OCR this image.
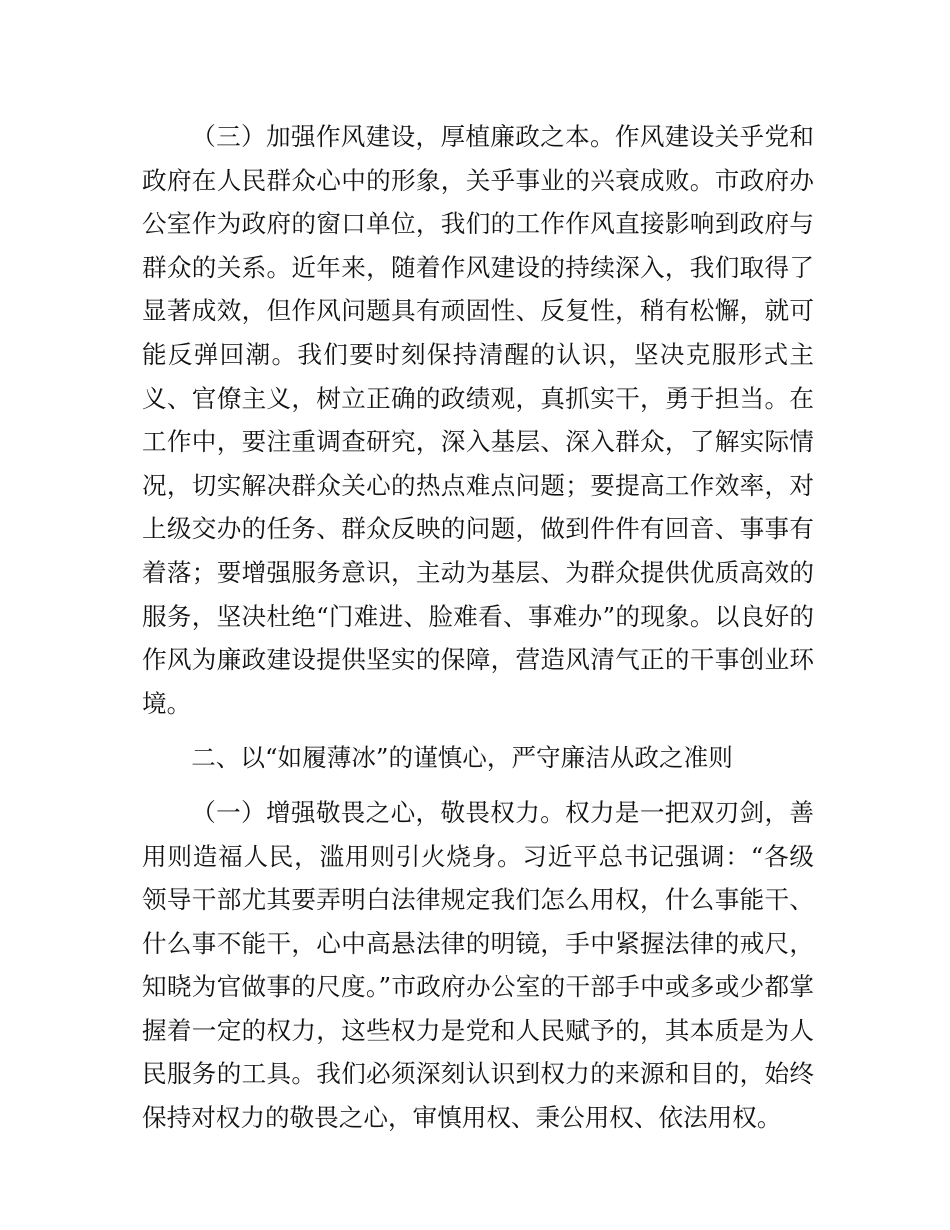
（三）加强作风建设，厚植廉政之本。作风建设关乎党和政府在人民群众心中的形象，关乎事业的兴衰成败。市政府办公室作为政府的窗口单位，我们的工作作风直接影响到政府与群众的关系。近年来，随着作风建设的持续深入，我们取得了显著成效，但作风问题具有顽固性、反复性，稍有松懈，就可能反弹回潮。我们要时刻保持清醒的认识，坚决克服形式主义、官僚主义，树立正确的政绩观，真抓实干，勇于担当。在工作中，要注重调查研究，深入基层、深入群众，了解实际情况，切实解决群众关心的热点难点问题；要提高工作效率，对上级交办的任务、群众反映的问题，做到件件有回音、事事有着落；要增强服务意识，主动为基层、为群众提供优质高效的服务，坚决杜绝“门难进、脸难看、事难办”的现象。以良好的作风为廉政建设提供坚实的保障，营造风清气正的干事创业环境。

二、以“如履薄冰”的谨慎心，严守廉洁从政之准则

（一）增强敬畏之心，敬畏权力。权力是一把双刃剑，善用则造福人民，滥用则引火烧身。习近平总书记强调：“各级领导干部尤其要弄明白法律规定我们怎么用权，什么事能干、什么事不能干，心中高悬法律的明镜，手中紧握法律的戒尺，知晓为官做事的尺度。”市政府办公室的干部手中或多或少都掌握着一定的权力，这些权力是党和人民赋予的，其本质是为人民服务的工具。我们必须深刻认识到权力的来源和目的，始终保持对权力的敬畏之心，审慎用权、秉公用权、依法用权。
